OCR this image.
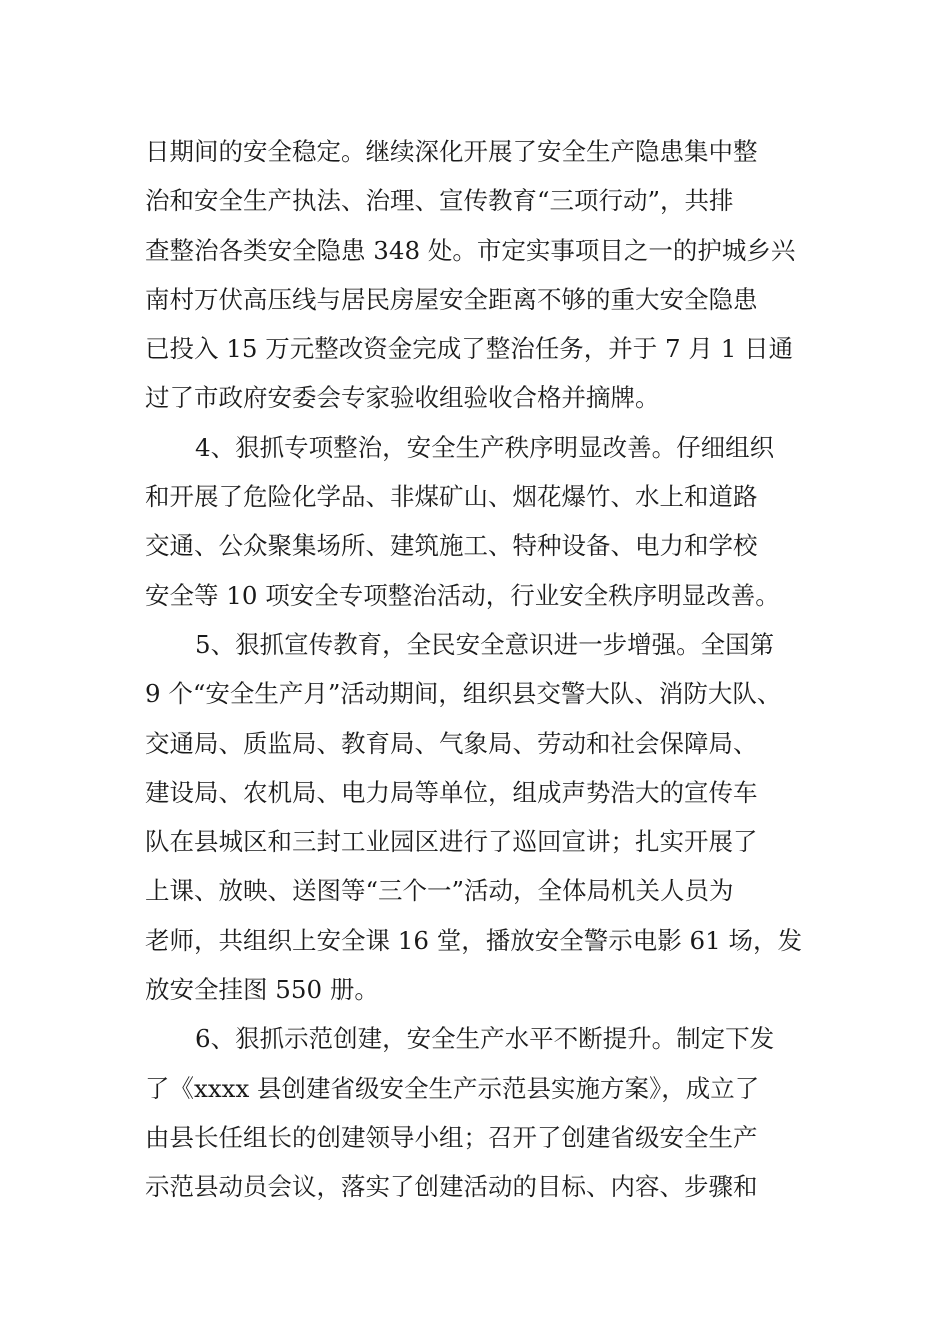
日期间的安全稳定。继续深化开展了安全生产隐患集中整
治和安全生产执法、治理、宣传教育“三项行动”，共排
查整治各类安全隐患 348 处。市定实事项目之一的护城乡兴
南村万伏高压线与居民房屋安全距离不够的重大安全隐患
已投入 15 万元整改资金完成了整治任务，并于 7 月 1 日通
过了市政府安委会专家验收组验收合格并摘牌。
4、狠抓专项整治，安全生产秩序明显改善。仔细组织
和开展了危险化学品、非煤矿山、烟花爆竹、水上和道路
交通、公众聚集场所、建筑施工、特种设备、电力和学校
安全等 10 项安全专项整治活动，行业安全秩序明显改善。
5、狠抓宣传教育，全民安全意识进一步增强。全国第
9 个“安全生产月”活动期间，组织县交警大队、消防大队、
交通局、质监局、教育局、气象局、劳动和社会保障局、
建设局、农机局、电力局等单位，组成声势浩大的宣传车
队在县城区和三封工业园区进行了巡回宣讲；扎实开展了
上课、放映、送图等“三个一”活动，全体局机关人员为
老师，共组织上安全课 16 堂，播放安全警示电影 61 场，发
放安全挂图 550 册。
6、狠抓示范创建，安全生产水平不断提升。制定下发
了《xxxx 县创建省级安全生产示范县实施方案》，成立了
由县长任组长的创建领导小组；召开了创建省级安全生产
示范县动员会议，落实了创建活动的目标、内容、步骤和
